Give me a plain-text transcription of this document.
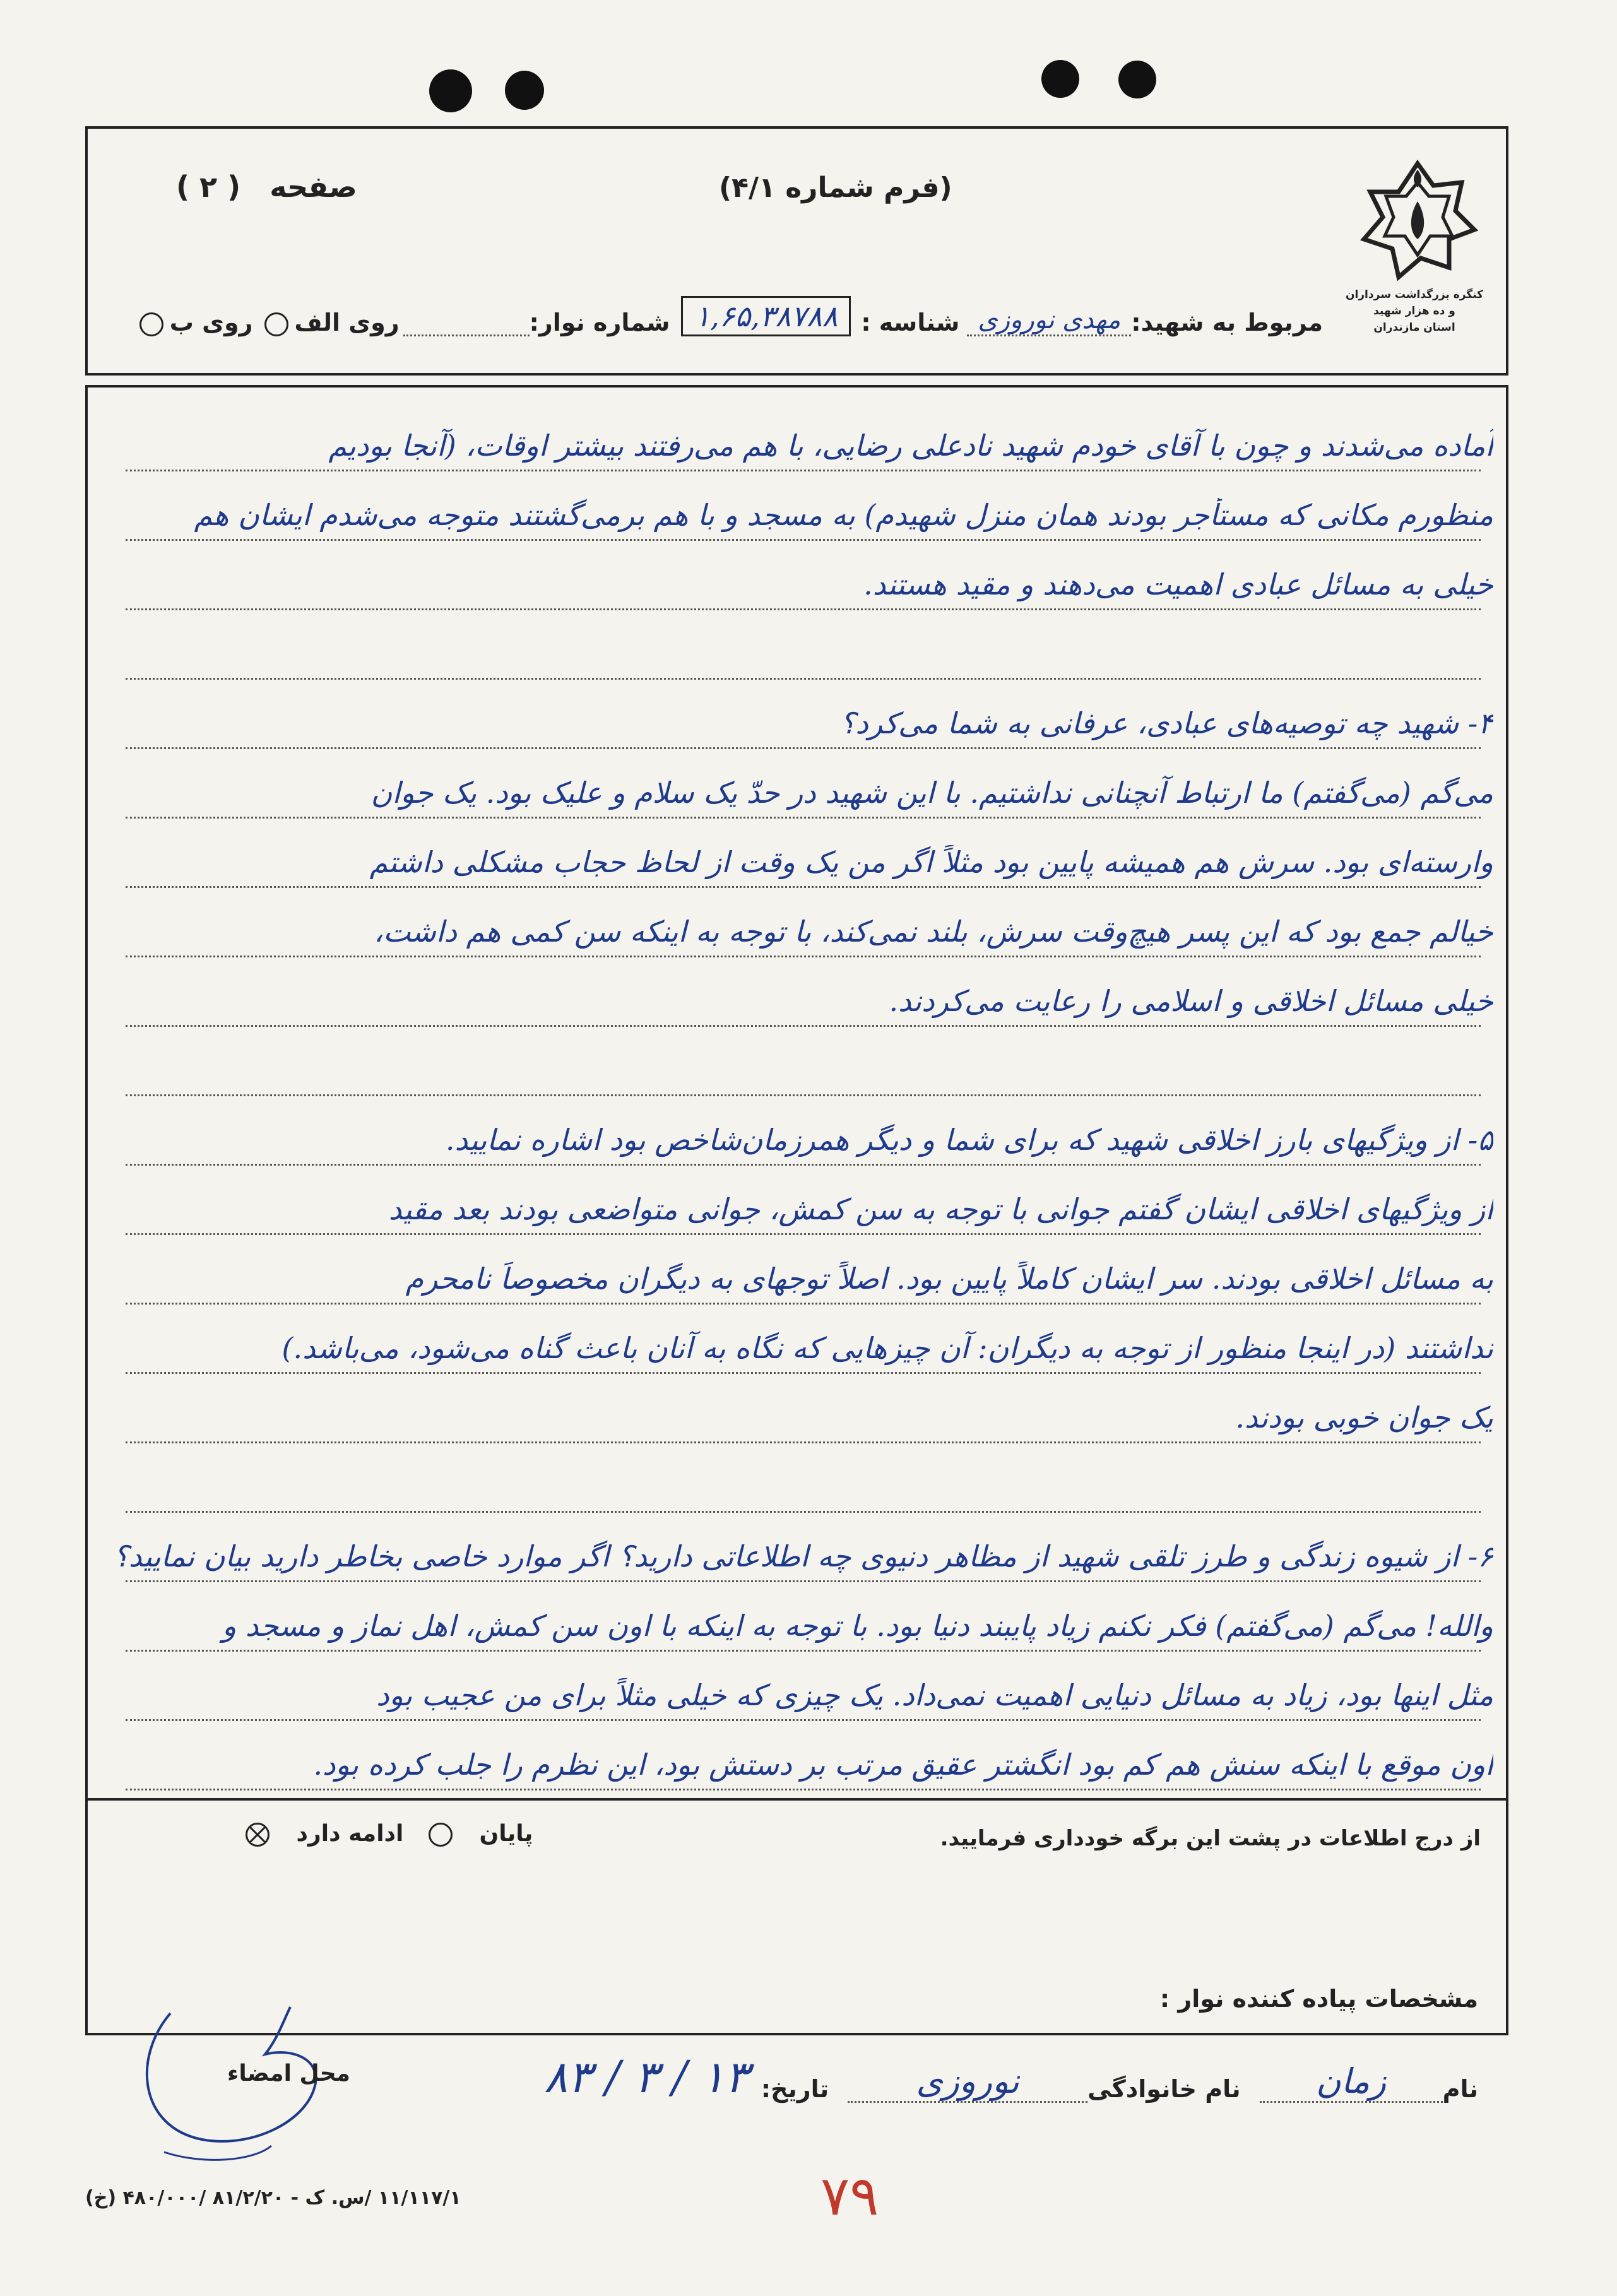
کنگره بزرگداشت سرداران و ده هزار شهید
استان مازندران
(فرم شماره ۴/۱)
صفحه ( ۲ )
مربوط به شهید:
مهدی نوروزی
شناسه :
۱,۶۵,۳۸۷۸۸
شماره نوار:
روی الف
روی ب
آماده می‌شدند و چون با آقای خودم شهید نادعلی رضایی، با هم می‌رفتند بیشتر اوقات، (آنجا بودیم
منظورم مکانی که مستأجر بودند همان منزل شهیدم) به مسجد و با هم برمی‌گشتند متوجه می‌شدم ایشان هم
خیلی به مسائل عبادی اهمیت می‌دهند و مقید هستند.
۴- شهید چه توصیه‌های عبادی، عرفانی به شما می‌کرد؟
می‌گم (می‌گفتم) ما ارتباط آنچنانی نداشتیم. با این شهید در حدّ یک سلام و علیک بود. یک جوان
وارسته‌ای بود. سرش هم همیشه پایین بود مثلاً اگر من یک وقت از لحاظ حجاب مشکلی داشتم
خیالم جمع بود که این پسر هیچ‌وقت سرش، بلند نمی‌کند، با توجه به اینکه سن کمی هم داشت،
خیلی مسائل اخلاقی و اسلامی را رعایت می‌کردند.
۵- از ویژگیهای بارز اخلاقی شهید که برای شما و دیگر همرزمان‌شاخص بود اشاره نمایید.
از ویژگیهای اخلاقی ایشان گفتم جوانی با توجه به سن کمش، جوانی متواضعی بودند بعد مقید
به مسائل اخلاقی بودند. سر ایشان کاملاً پایین بود. اصلاً توجهای به دیگران مخصوصاً نامحرم
نداشتند (در اینجا منظور از توجه به دیگران: آن چیزهایی که نگاه به آنان باعث گناه می‌شود، می‌باشد.)
یک جوان خوبی بودند.
۶- از شیوه زندگی و طرز تلقی شهید از مظاهر دنیوی چه اطلاعاتی دارید؟ اگر موارد خاصی بخاطر دارید بیان نمایید؟
والله! می‌گم (می‌گفتم) فکر نکنم زیاد پایبند دنیا بود. با توجه به اینکه با اون سن کمش، اهل نماز و مسجد و
مثل اینها بود، زیاد به مسائل دنیایی اهمیت نمی‌داد. یک چیزی که خیلی مثلاً برای من عجیب بود
اون موقع با اینکه سنش هم کم بود انگشتر عقیق مرتب بر دستش بود، این نظرم را جلب کرده بود.
از درج اطلاعات در پشت این برگه خودداری فرمایید.
پایان
ادامه دارد
مشخصات پیاده کننده نوار :
نام
زمان
نام خانوادگی
نوروزی
تاریخ:
۸۳ / ۳ / ۱۳
محل امضاء
۷۹
۱۱/۱۱۷/۱ /س. ک - ۸۱/۲/۲۰ /۴۸۰/۰۰۰ (خ)
